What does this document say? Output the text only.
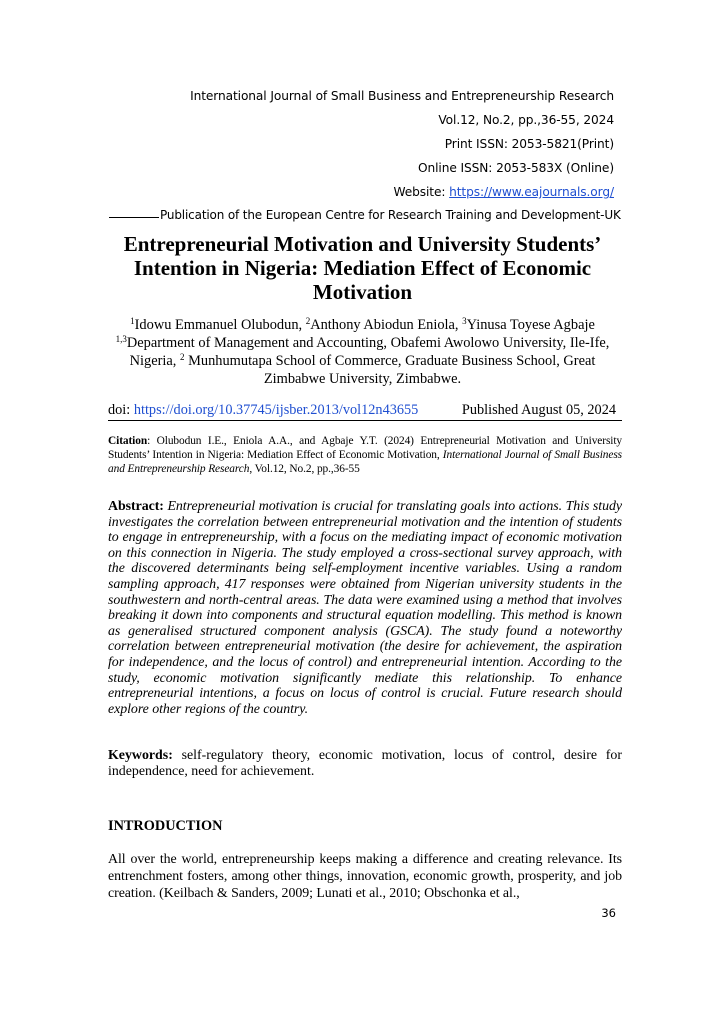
International Journal of Small Business and Entrepreneurship Research
Vol.12, No.2, pp.,36-55, 2024
Print ISSN: 2053-5821(Print)
Online ISSN: 2053-583X (Online)
Website: https://www.eajournals.org/
Publication of the European Centre for Research Training and Development-UK
Entrepreneurial Motivation and University Students’ Intention in Nigeria: Mediation Effect of Economic Motivation
$^1$Idowu Emmanuel Olubodun, $^2$Anthony Abiodun Eniola, $^3$Yinusa Toyese Agbaje
$^{1,3}$Department of Management and Accounting, Obafemi Awolowo University, Ile-Ife, Nigeria, $^2$ Munhumutapa School of Commerce, Graduate Business School, Great Zimbabwe University, Zimbabwe.
doi: https://doi.org/10.37745/ijsber.2013/vol12n43655	Published August 05, 2024
Citation: Olubodun I.E., Eniola A.A., and Agbaje Y.T. (2024) Entrepreneurial Motivation and University Students’ Intention in Nigeria: Mediation Effect of Economic Motivation, International Journal of Small Business and Entrepreneurship Research, Vol.12, No.2, pp.,36-55
Abstract: Entrepreneurial motivation is crucial for translating goals into actions. This study investigates the correlation between entrepreneurial motivation and the intention of students to engage in entrepreneurship, with a focus on the mediating impact of economic motivation on this connection in Nigeria. The study employed a cross-sectional survey approach, with the discovered determinants being self-employment incentive variables. Using a random sampling approach, 417 responses were obtained from Nigerian university students in the southwestern and north-central areas. The data were examined using a method that involves breaking it down into components and structural equation modelling. This method is known as generalised structured component analysis (GSCA). The study found a noteworthy correlation between entrepreneurial motivation (the desire for achievement, the aspiration for independence, and the locus of control) and entrepreneurial intention. According to the study, economic motivation significantly mediate this relationship. To enhance entrepreneurial intentions, a focus on locus of control is crucial. Future research should explore other regions of the country.
Keywords: self-regulatory theory, economic motivation, locus of control, desire for independence, need for achievement.
INTRODUCTION
All over the world, entrepreneurship keeps making a difference and creating relevance. Its entrenchment fosters, among other things, innovation, economic growth, prosperity, and job creation. (Keilbach & Sanders, 2009; Lunati et al., 2010; Obschonka et al.,
36
